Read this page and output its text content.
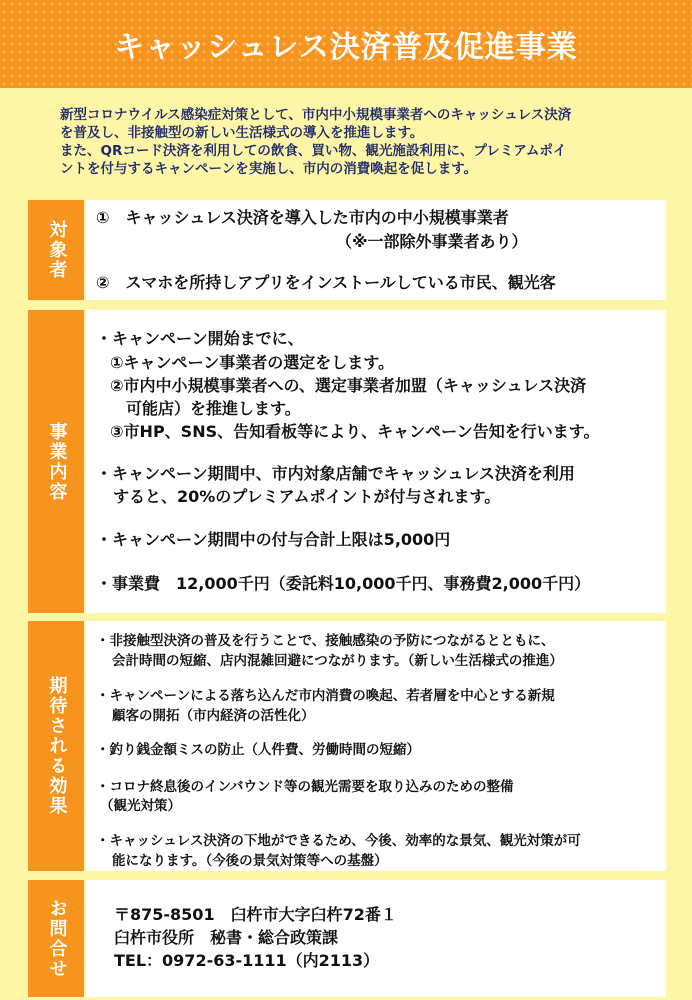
キャッシュレス決済普及促進事業
新型コロナウイルス感染症対策として、市内中小規模事業者へのキャッシュレス決済
を普及し、非接触型の新しい生活様式の導入を推進します。
また、QRコード決済を利用しての飲食、買い物、観光施設利用に、プレミアムポイ
ントを付与するキャンペーンを実施し、市内の消費喚起を促します。
対象者
①　キャッシュレス決済を導入した市内の中小規模事業者
（※一部除外事業者あり）
②　スマホを所持しアプリをインストールしている市民、観光客
事業内容
・キャンペーン開始までに、
①キャンペーン事業者の選定をします。
②市内中小規模事業者への、選定事業者加盟（キャッシュレス決済
可能店）を推進します。
③市HP、SNS、告知看板等により、キャンペーン告知を行います。
・キャンペーン期間中、市内対象店舗でキャッシュレス決済を利用
すると、20%のプレミアムポイントが付与されます。
・キャンペーン期間中の付与合計上限は5,000円
・事業費　12,000千円（委託料10,000千円、事務費2,000千円）
期待される効果
・非接触型決済の普及を行うことで、接触感染の予防につながるとともに、
会計時間の短縮、店内混雑回避につながります。（新しい生活様式の推進）
・キャンペーンによる落ち込んだ市内消費の喚起、若者層を中心とする新規
顧客の開拓（市内経済の活性化）
・釣り銭金額ミスの防止（人件費、労働時間の短縮）
・コロナ終息後のインバウンド等の観光需要を取り込みのための整備
（観光対策）
・キャッシュレス決済の下地ができるため、今後、効率的な景気、観光対策が可
能になります。（今後の景気対策等への基盤）
お問合せ	〒875-8501　臼杵市大字臼杵72番１
臼杵市役所　秘書・総合政策課
TEL：0972-63-1111（内2113）
